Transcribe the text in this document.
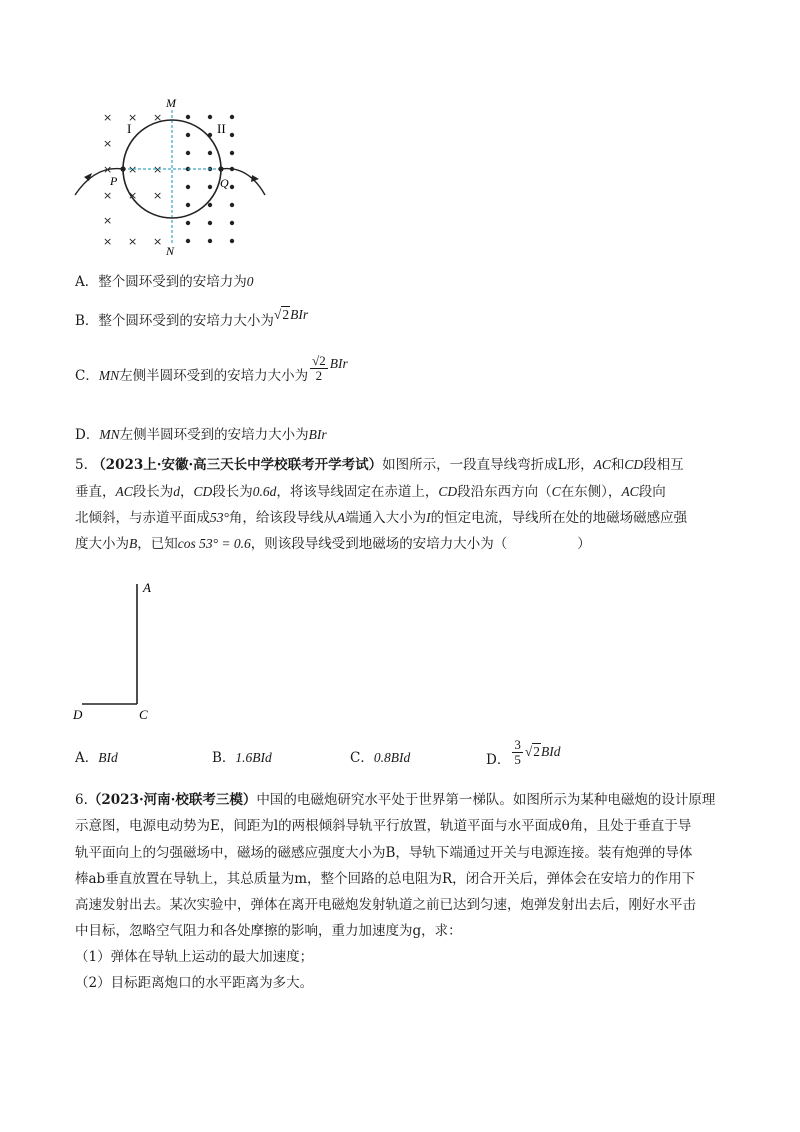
× × ×
×
× × ×
× × ×
×
× × ×
M
N
P	Q
I	II
A．整个圆环受到的安培力为0
B．整个圆环受到的安培力大小为√2BIr
C．MN左侧半圆环受到的安培力大小为 $\frac{√2}{2}$ BIr
D．MN左侧半圆环受到的安培力大小为BIr
5. （2023上·安徽·高三天长中学校联考开学考试）如图所示，一段直导线弯折成L形，AC和CD段相互
垂直，AC段长为d，CD段长为0.6d，将该导线固定在赤道上，CD段沿东西方向（C在东侧），AC段向
北倾斜，与赤道平面成53°角，给该段导线从A端通入大小为I的恒定电流，导线所在处的地磁场磁感应强
度大小为B，已知cos 53° = 0.6，则该段导线受到地磁场的安培力大小为（	）
A
C
D
A．BId	B．1.6BId	C．0.8BId	D． $\frac{3}{5} √2BId$
6.（2023·河南·校联考三模）中国的电磁炮研究水平处于世界第一梯队。如图所示为某种电磁炮的设计原理
示意图，电源电动势为E，间距为l的两根倾斜导轨平行放置，轨道平面与水平面成θ角，且处于垂直于导
轨平面向上的匀强磁场中，磁场的磁感应强度大小为B，导轨下端通过开关与电源连接。装有炮弹的导体
棒ab垂直放置在导轨上，其总质量为m，整个回路的总电阻为R，闭合开关后，弹体会在安培力的作用下
高速发射出去。某次实验中，弹体在离开电磁炮发射轨道之前已达到匀速，炮弹发射出去后，刚好水平击
中目标，忽略空气阻力和各处摩擦的影响，重力加速度为g，求：
（1）弹体在导轨上运动的最大加速度；
（2）目标距离炮口的水平距离为多大。
